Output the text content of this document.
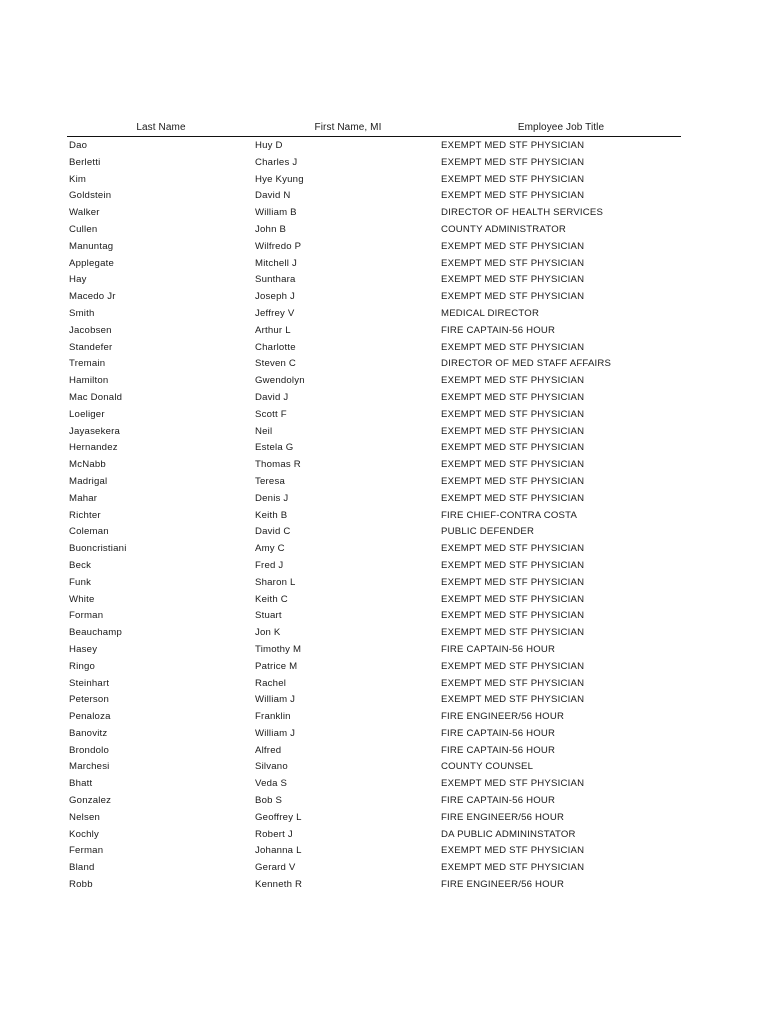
Last Name	First Name, MI	Employee Job Title
Dao	Huy D	EXEMPT MED STF PHYSICIAN
Berletti	Charles J	EXEMPT MED STF PHYSICIAN
Kim	Hye Kyung	EXEMPT MED STF PHYSICIAN
Goldstein	David N	EXEMPT MED STF PHYSICIAN
Walker	William B	DIRECTOR OF HEALTH SERVICES
Cullen	John B	COUNTY ADMINISTRATOR
Manuntag	Wilfredo P	EXEMPT MED STF PHYSICIAN
Applegate	Mitchell J	EXEMPT MED STF PHYSICIAN
Hay	Sunthara	EXEMPT MED STF PHYSICIAN
Macedo Jr	Joseph J	EXEMPT MED STF PHYSICIAN
Smith	Jeffrey V	MEDICAL DIRECTOR
Jacobsen	Arthur L	FIRE CAPTAIN-56 HOUR
Standefer	Charlotte	EXEMPT MED STF PHYSICIAN
Tremain	Steven C	DIRECTOR OF MED STAFF AFFAIRS
Hamilton	Gwendolyn	EXEMPT MED STF PHYSICIAN
Mac Donald	David J	EXEMPT MED STF PHYSICIAN
Loeliger	Scott F	EXEMPT MED STF PHYSICIAN
Jayasekera	Neil	EXEMPT MED STF PHYSICIAN
Hernandez	Estela G	EXEMPT MED STF PHYSICIAN
McNabb	Thomas R	EXEMPT MED STF PHYSICIAN
Madrigal	Teresa	EXEMPT MED STF PHYSICIAN
Mahar	Denis J	EXEMPT MED STF PHYSICIAN
Richter	Keith B	FIRE CHIEF-CONTRA COSTA
Coleman	David C	PUBLIC DEFENDER
Buoncristiani	Amy C	EXEMPT MED STF PHYSICIAN
Beck	Fred J	EXEMPT MED STF PHYSICIAN
Funk	Sharon L	EXEMPT MED STF PHYSICIAN
White	Keith C	EXEMPT MED STF PHYSICIAN
Forman	Stuart	EXEMPT MED STF PHYSICIAN
Beauchamp	Jon K	EXEMPT MED STF PHYSICIAN
Hasey	Timothy M	FIRE CAPTAIN-56 HOUR
Ringo	Patrice M	EXEMPT MED STF PHYSICIAN
Steinhart	Rachel	EXEMPT MED STF PHYSICIAN
Peterson	William J	EXEMPT MED STF PHYSICIAN
Penaloza	Franklin	FIRE ENGINEER/56 HOUR
Banovitz	William J	FIRE CAPTAIN-56 HOUR
Brondolo	Alfred	FIRE CAPTAIN-56 HOUR
Marchesi	Silvano	COUNTY COUNSEL
Bhatt	Veda S	EXEMPT MED STF PHYSICIAN
Gonzalez	Bob S	FIRE CAPTAIN-56 HOUR
Nelsen	Geoffrey L	FIRE ENGINEER/56 HOUR
Kochly	Robert J	DA PUBLIC ADMININSTATOR
Ferman	Johanna L	EXEMPT MED STF PHYSICIAN
Bland	Gerard V	EXEMPT MED STF PHYSICIAN
Robb	Kenneth R	FIRE ENGINEER/56 HOUR
